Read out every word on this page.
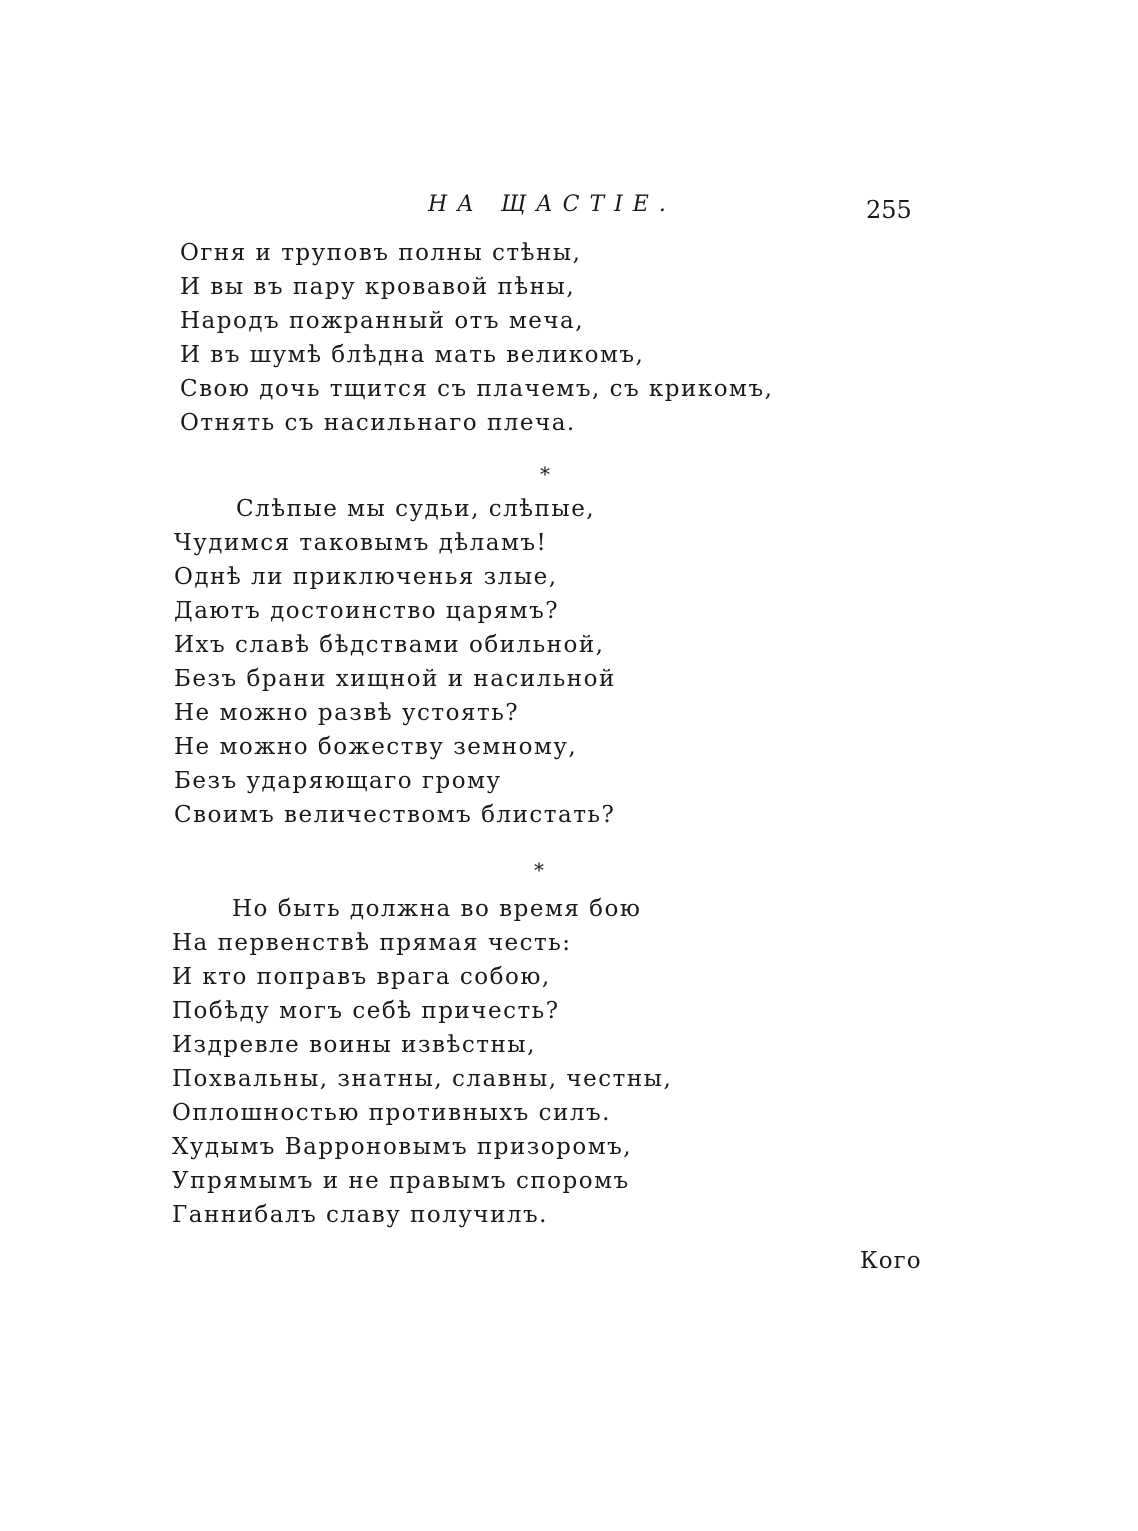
НА ЩАСТІЕ.	255
Огня и труповъ полны стѣны,
И вы въ пару кровавой пѣны,
Народъ пожранный отъ меча,
И въ шумѣ блѣдна мать великомъ,
Свою дочь тщится съ плачемъ, съ крикомъ,
Отнять съ насильнаго плеча.
*
Слѣпые мы судьи, слѣпые,
Чудимся таковымъ дѣламъ!
Однѣ ли приключенья злые,
Даютъ достоинство царямъ?
Ихъ славѣ бѣдствами обильной,
Безъ брани хищной и насильной
Не можно развѣ устоять?
Не можно божеству земному,
Безъ ударяющаго грому
Своимъ величествомъ блистать?
*
Но быть должна во время бою
На первенствѣ прямая честь:
И кто поправъ врага собою,
Побѣду могъ себѣ причесть?
Издревле воины извѣстны,
Похвальны, знатны, славны, честны,
Оплошностью противныхъ силъ.
Худымъ Варроновымъ призоромъ,
Упрямымъ и не правымъ споромъ
Ганнибалъ славу получилъ.
Кого
